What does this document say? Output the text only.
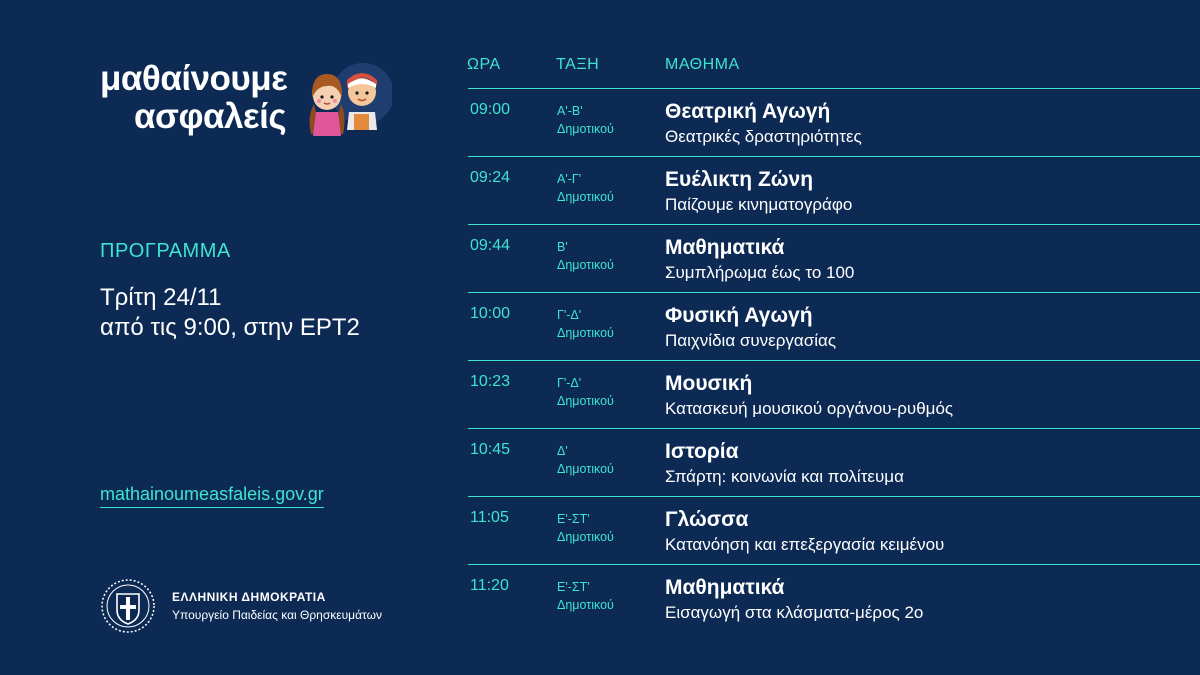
μαθαίνουμε
ασφαλείς
ΠΡΟΓΡΑΜΜΑ
Τρίτη 24/11
από τις 9:00, στην ΕΡΤ2
mathainoumeasfaleis.gov.gr
ΕΛΛΗΝΙΚΗ ΔΗΜΟΚΡΑΤΙΑ
Υπουργείο Παιδείας και Θρησκευμάτων
ΩΡΑ	ΤΑΞΗ	ΜΑΘΗΜΑ
09:00	Α'-Β'
Δημοτικού
Θεατρική Αγωγή
Θεατρικές δραστηριότητες
09:24	Α'-Γ'
Δημοτικού
Ευέλικτη Ζώνη
Παίζουμε κινηματογράφο
09:44	Β'
Δημοτικού
Μαθηματικά
Συμπλήρωμα έως το 100
10:00	Γ'-Δ'
Δημοτικού
Φυσική Αγωγή
Παιχνίδια συνεργασίας
10:23	Γ'-Δ'
Δημοτικού
Μουσική
Κατασκευή μουσικού οργάνου-ρυθμός
10:45	Δ'
Δημοτικού
Ιστορία
Σπάρτη: κοινωνία και πολίτευμα
11:05	Ε'-ΣΤ'
Δημοτικού
Γλώσσα
Κατανόηση και επεξεργασία κειμένου
11:20	Ε'-ΣΤ'
Δημοτικού
Μαθηματικά
Εισαγωγή στα κλάσματα-μέρος 2ο
